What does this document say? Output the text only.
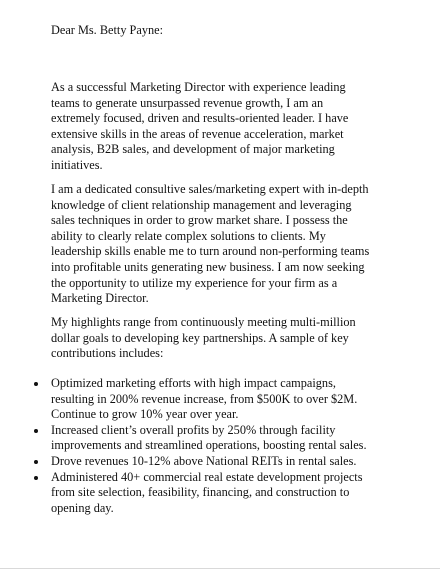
Dear Ms. Betty Payne:

As a successful Marketing Director with experience leading
teams to generate unsurpassed revenue growth, I am an
extremely focused, driven and results-oriented leader. I have
extensive skills in the areas of revenue acceleration, market
analysis, B2B sales, and development of major marketing
initiatives.

I am a dedicated consultive sales/marketing expert with in-depth
knowledge of client relationship management and leveraging
sales techniques in order to grow market share. I possess the
ability to clearly relate complex solutions to clients. My
leadership skills enable me to turn around non-performing teams
into profitable units generating new business. I am now seeking
the opportunity to utilize my experience for your firm as a
Marketing Director.

My highlights range from continuously meeting multi-million
dollar goals to developing key partnerships. A sample of key
contributions includes:

Optimized marketing efforts with high impact campaigns,
resulting in 200% revenue increase, from $500K to over $2M.
Continue to grow 10% year over year.
Increased client’s overall profits by 250% through facility
improvements and streamlined operations, boosting rental sales.
Drove revenues 10-12% above National REITs in rental sales.
Administered 40+ commercial real estate development projects
from site selection, feasibility, financing, and construction to
opening day.
